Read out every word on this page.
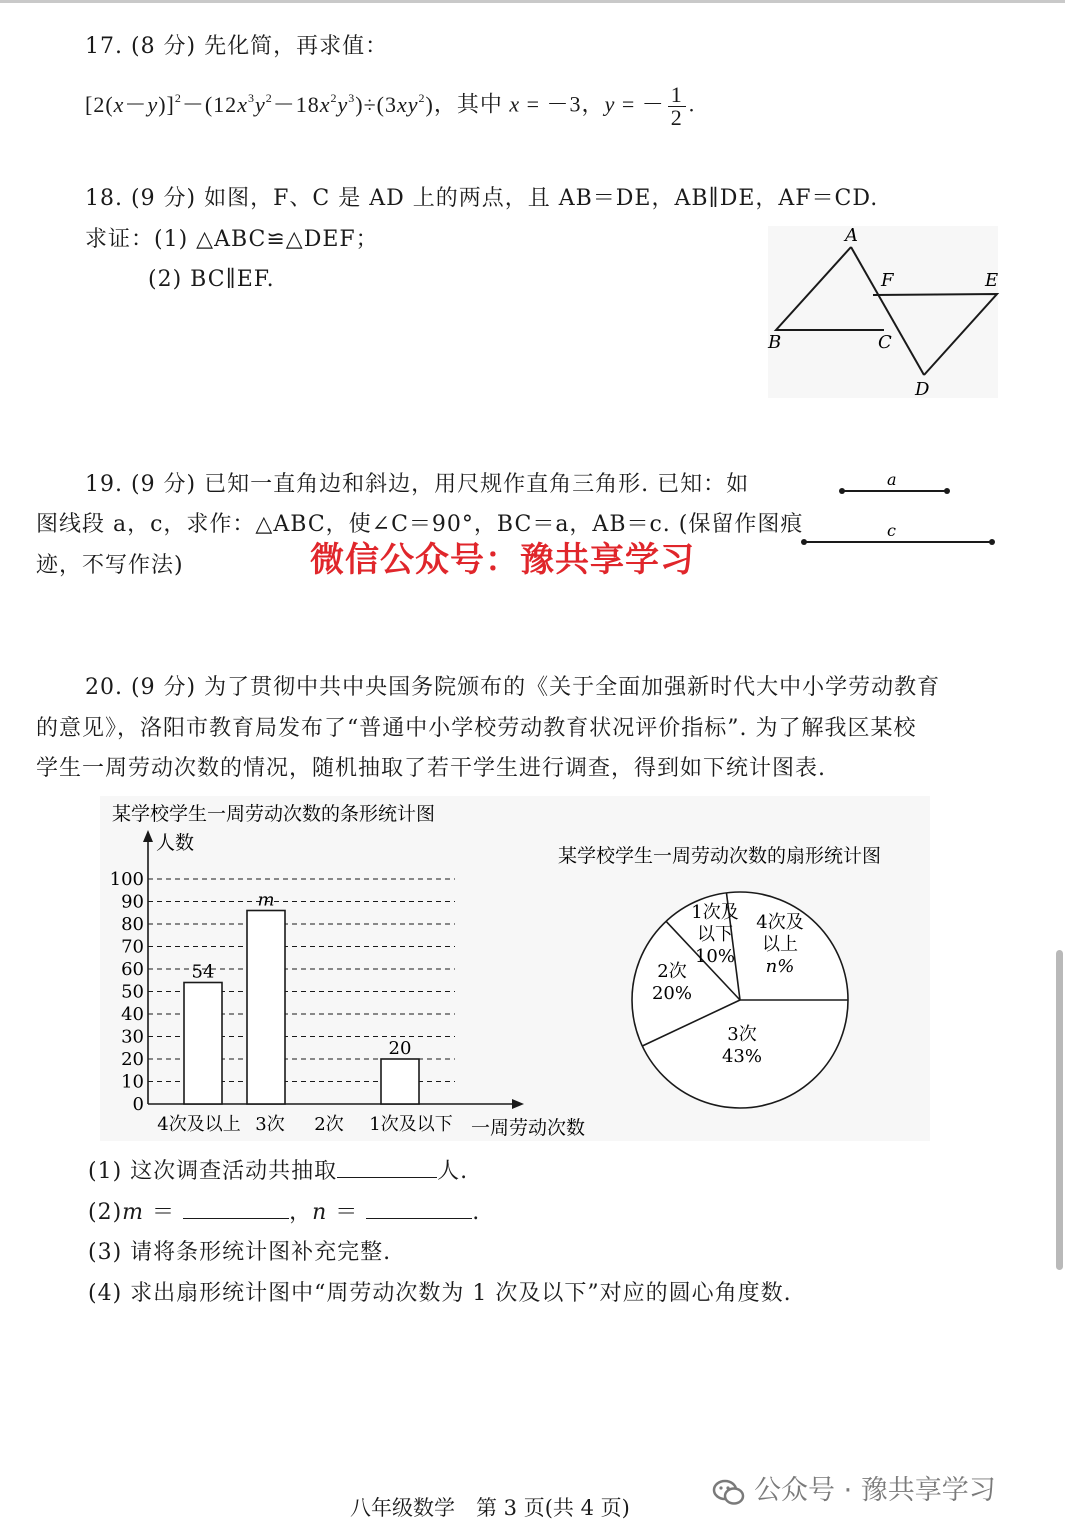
17. (8 分) 先化简，再求值：
$[2(x-y)]^2-(12x^3y^2-18x^2y^3)\div(3xy^2)$，其中 x = －3，y = － $\frac{1}{2}$ .
18. (9 分) 如图，F、C 是 AD 上的两点，且 AB＝DE，AB∥DE，AF＝CD.
求证：(1) △ABC≌△DEF；
(2) BC∥EF.
A
B	C
D
E
F
19. (9 分) 已知一直角边和斜边，用尺规作直角三角形. 已知：如
图线段 a，c，求作：△ABC，使∠C＝90°，BC＝a，AB＝c. (保留作图痕
迹，不写作法)
a
c
微信公众号：豫共享学习
20. (9 分) 为了贯彻中共中央国务院颁布的《关于全面加强新时代大中小学劳动教育
的意见》，洛阳市教育局发布了“普通中小学校劳动教育状况评价指标”. 为了解我区某校
学生一周劳动次数的情况，随机抽取了若干学生进行调查，得到如下统计图表.
某学校学生一周劳动次数的条形统计图
人数
一周劳动次数
0
10
20
30
40
50
60
70
80
90
100
54
m
20
4次及以上 3次 2次 1次及以下
某学校学生一周劳动次数的扇形统计图
4次及
以上
n%
1次及
以下
10%
2次
20%
3次
43%
(1) 这次调查活动共抽取	人.
(2)m ＝	，n ＝	.
(3) 请将条形统计图补充完整.
(4) 求出扇形统计图中“周劳动次数为 1 次及以下”对应的圆心角度数.
公众号 · 豫共享学习
八年级数学　第 3 页(共 4 页)
